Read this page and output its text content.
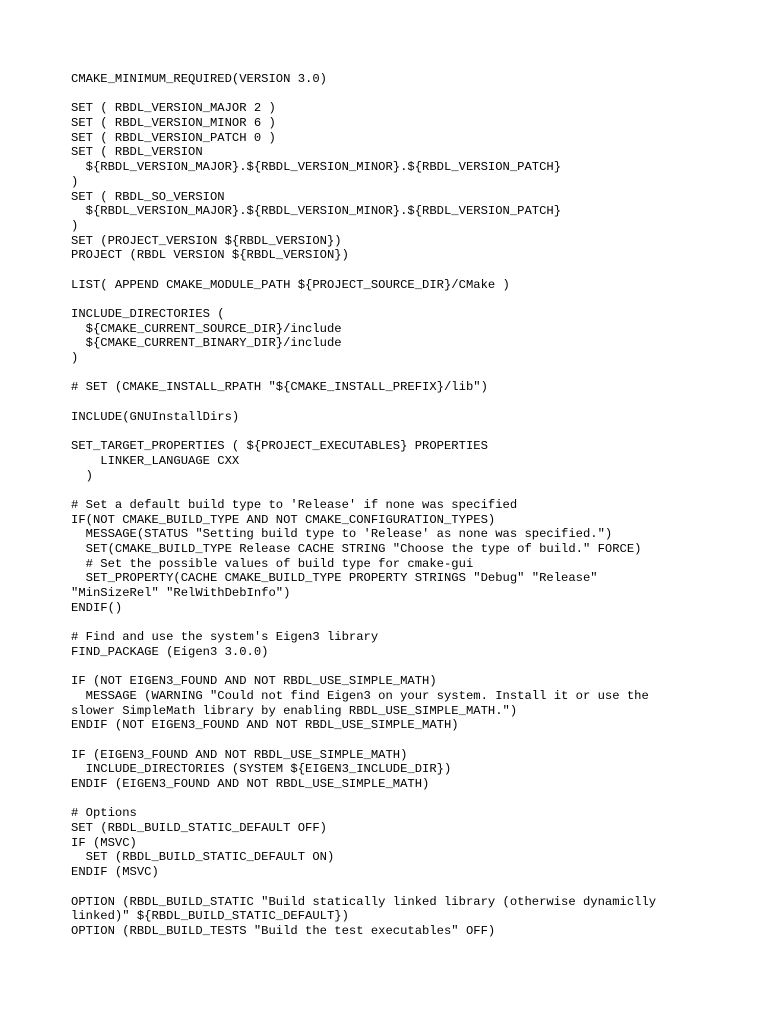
CMAKE_MINIMUM_REQUIRED(VERSION 3.0)
SET ( RBDL_VERSION_MAJOR 2 )
SET ( RBDL_VERSION_MINOR 6 )
SET ( RBDL_VERSION_PATCH 0 )
SET ( RBDL_VERSION
${RBDL_VERSION_MAJOR}.${RBDL_VERSION_MINOR}.${RBDL_VERSION_PATCH}
)
SET ( RBDL_SO_VERSION
${RBDL_VERSION_MAJOR}.${RBDL_VERSION_MINOR}.${RBDL_VERSION_PATCH}
)
SET (PROJECT_VERSION ${RBDL_VERSION})
PROJECT (RBDL VERSION ${RBDL_VERSION})
LIST( APPEND CMAKE_MODULE_PATH ${PROJECT_SOURCE_DIR}/CMake )
INCLUDE_DIRECTORIES (
${CMAKE_CURRENT_SOURCE_DIR}/include
${CMAKE_CURRENT_BINARY_DIR}/include
)
# SET (CMAKE_INSTALL_RPATH "${CMAKE_INSTALL_PREFIX}/lib")
INCLUDE(GNUInstallDirs)
SET_TARGET_PROPERTIES ( ${PROJECT_EXECUTABLES} PROPERTIES
LINKER_LANGUAGE CXX
)
# Set a default build type to 'Release' if none was specified
IF(NOT CMAKE_BUILD_TYPE AND NOT CMAKE_CONFIGURATION_TYPES)
MESSAGE(STATUS "Setting build type to 'Release' as none was specified.")
SET(CMAKE_BUILD_TYPE Release CACHE STRING "Choose the type of build." FORCE)
# Set the possible values of build type for cmake-gui
SET_PROPERTY(CACHE CMAKE_BUILD_TYPE PROPERTY STRINGS "Debug" "Release"
"MinSizeRel" "RelWithDebInfo")
ENDIF()
# Find and use the system's Eigen3 library
FIND_PACKAGE (Eigen3 3.0.0)
IF (NOT EIGEN3_FOUND AND NOT RBDL_USE_SIMPLE_MATH)
MESSAGE (WARNING "Could not find Eigen3 on your system. Install it or use the
slower SimpleMath library by enabling RBDL_USE_SIMPLE_MATH.")
ENDIF (NOT EIGEN3_FOUND AND NOT RBDL_USE_SIMPLE_MATH)
IF (EIGEN3_FOUND AND NOT RBDL_USE_SIMPLE_MATH)
INCLUDE_DIRECTORIES (SYSTEM ${EIGEN3_INCLUDE_DIR})
ENDIF (EIGEN3_FOUND AND NOT RBDL_USE_SIMPLE_MATH)
# Options
SET (RBDL_BUILD_STATIC_DEFAULT OFF)
IF (MSVC)
SET (RBDL_BUILD_STATIC_DEFAULT ON)
ENDIF (MSVC)
OPTION (RBDL_BUILD_STATIC "Build statically linked library (otherwise dynamiclly
linked)" ${RBDL_BUILD_STATIC_DEFAULT})
OPTION (RBDL_BUILD_TESTS "Build the test executables" OFF)
